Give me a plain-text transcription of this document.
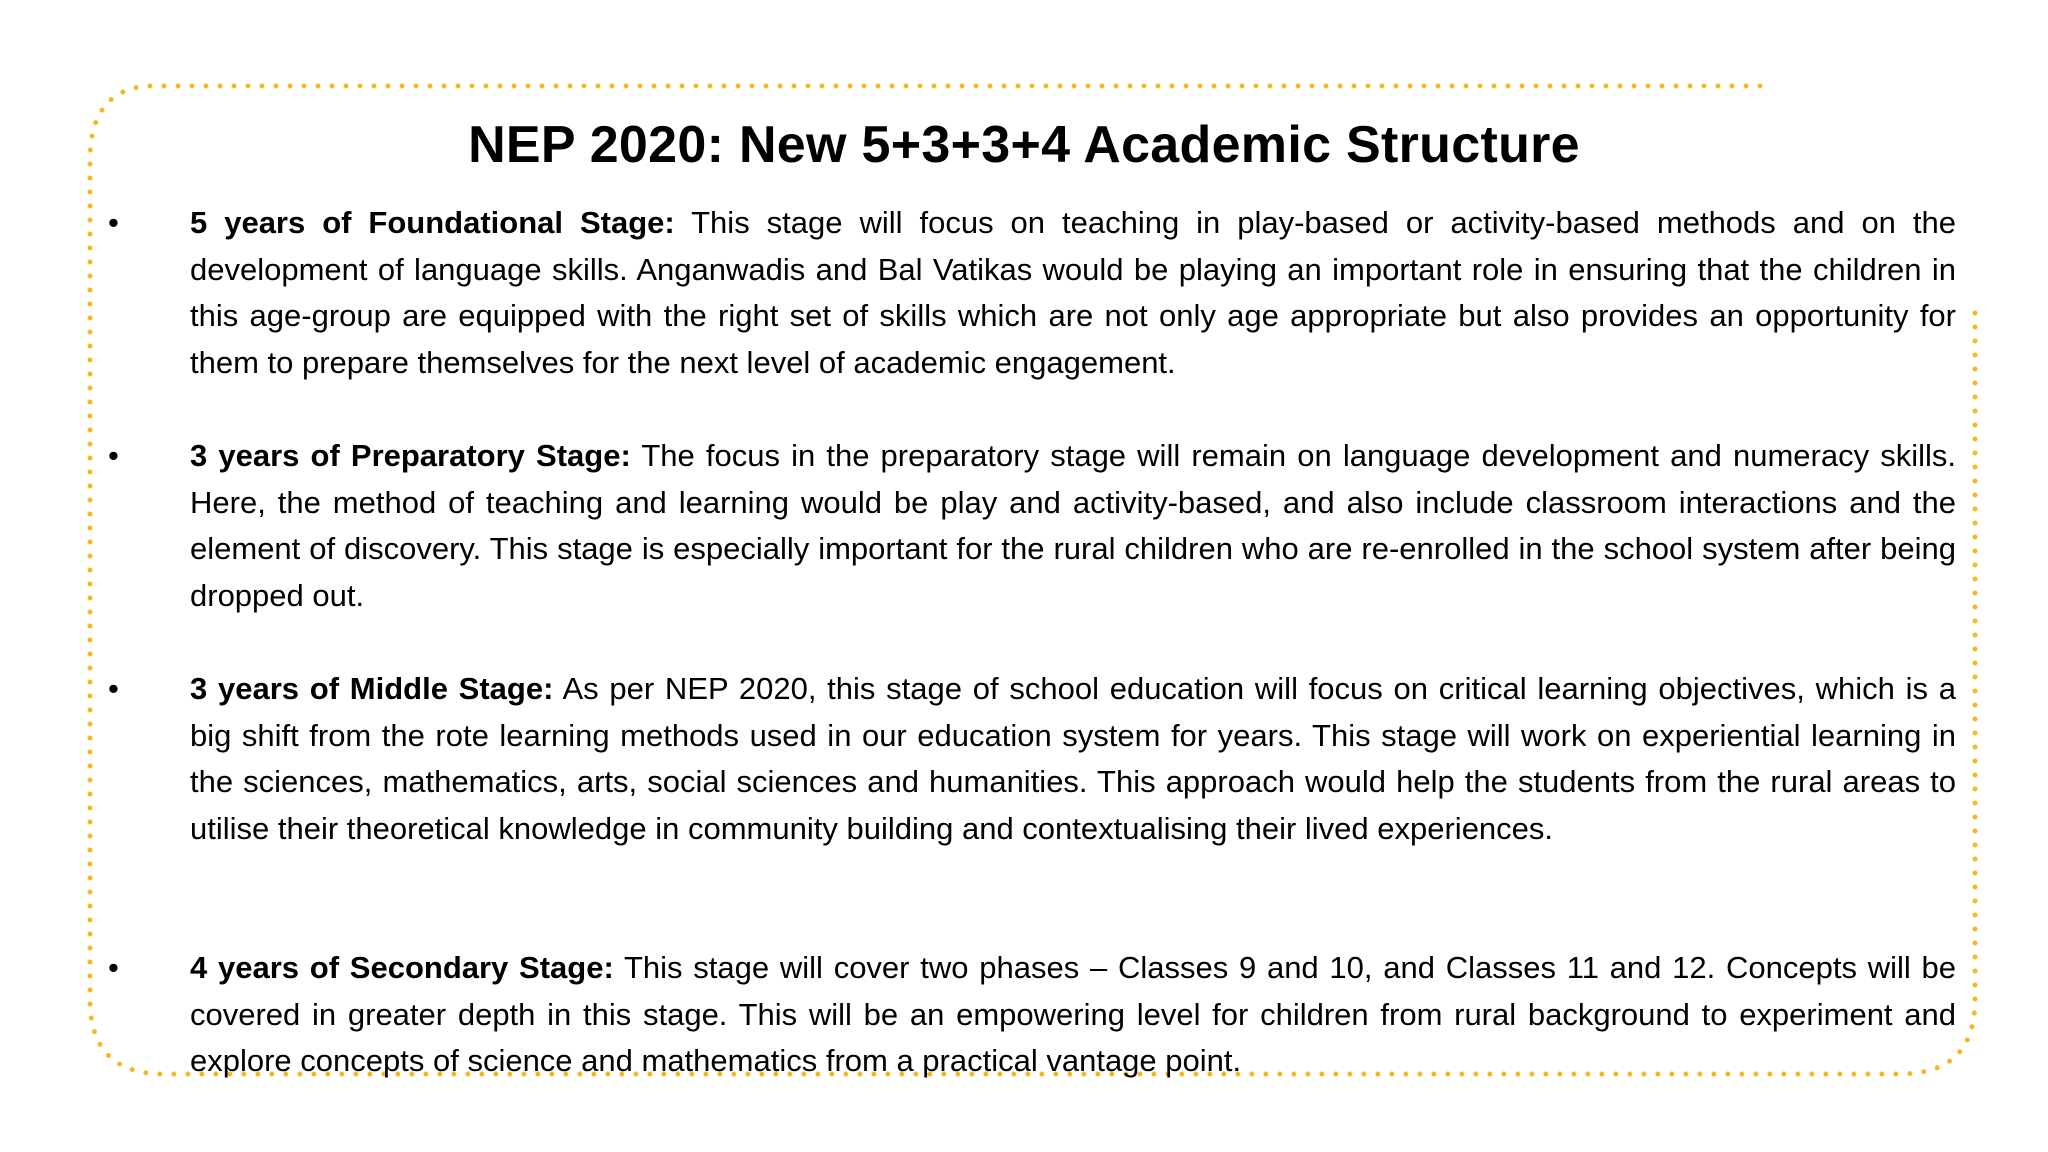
NEP 2020: New 5+3+3+4 Academic Structure
• 5 years of Foundational Stage: This stage will focus on teaching in play-based or activity-based methods and on the development of language skills. Anganwadis and Bal Vatikas would be playing an important role in ensuring that the children in this age-group are equipped with the right set of skills which are not only age appropriate but also provides an opportunity for them to prepare themselves for the next level of academic engagement.

• 3 years of Preparatory Stage: The focus in the preparatory stage will remain on language development and numeracy skills. Here, the method of teaching and learning would be play and activity-based, and also include classroom interactions and the element of discovery. This stage is especially important for the rural children who are re-enrolled in the school system after being dropped out.

• 3 years of Middle Stage: As per NEP 2020, this stage of school education will focus on critical learning objectives, which is a big shift from the rote learning methods used in our education system for years. This stage will work on experiential learning in the sciences, mathematics, arts, social sciences and humanities. This approach would help the students from the rural areas to utilise their theoretical knowledge in community building and contextualising their lived experiences.

• 4 years of Secondary Stage: This stage will cover two phases – Classes 9 and 10, and Classes 11 and 12. Concepts will be covered in greater depth in this stage. This will be an empowering level for children from rural background to experiment and explore concepts of science and mathematics from a practical vantage point.
